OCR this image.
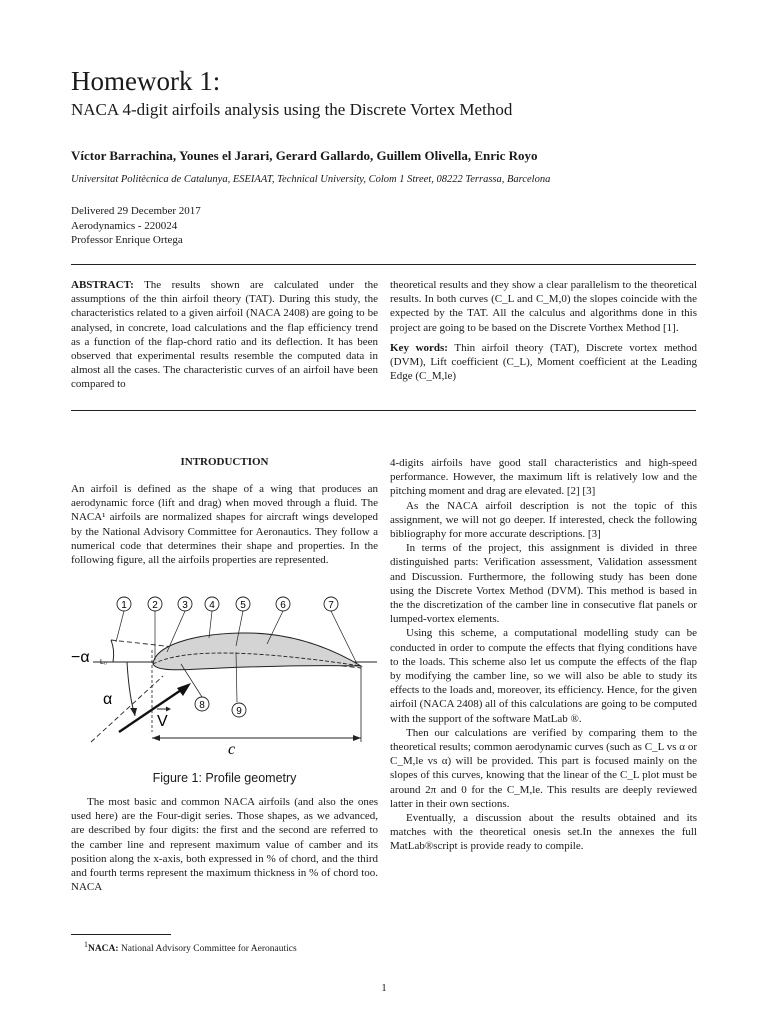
Homework 1:
NACA 4-digit airfoils analysis using the Discrete Vortex Method
Víctor Barrachina, Younes el Jarari, Gerard Gallardo, Guillem Olivella, Enric Royo
Universitat Politècnica de Catalunya, ESEIAAT, Technical University, Colom 1 Street, 08222 Terrassa, Barcelona
Delivered 29 December 2017
Aerodynamics - 220024
Professor Enrique Ortega
ABSTRACT: The results shown are calculated under the assumptions of the thin airfoil theory (TAT). During this study, the characteristics related to a given airfoil (NACA 2408) are going to be analysed, in concrete, load calculations and the flap efficiency trend as a function of the flap-chord ratio and its deflection. It has been observed that experimental results resemble the computed data in almost all the cases. The characteristic curves of an airfoil have been compared to
theoretical results and they show a clear parallelism to the theoretical results. In both curves (C_L and C_M,0) the slopes coincide with the expected by the TAT. All the calculus and algorithms done in this project are going to be based on the Discrete Vorthex Method [1].
Key words: Thin airfoil theory (TAT), Discrete vortex method (DVM), Lift coefficient (C_L), Moment coefficient at the Leading Edge (C_M,le)
INTRODUCTION
An airfoil is defined as the shape of a wing that produces an aerodynamic force (lift and drag) when moved through a fluid. The NACA¹ airfoils are normalized shapes for aircraft wings developed by the National Advisory Committee for Aeronautics. They follow a numerical code that determines their shape and properties. In the following figure, all the airfoils properties are represented.
1	2 3 4	5	6	7
8
9
−α L₀
α
V
c
Figure 1: Profile geometry

The most basic and common NACA airfoils (and also the ones used here) are the Four-digit series. Those shapes, as we advanced, are described by four digits: the first and the second are referred to the camber line and represent maximum value of camber and its position along the x-axis, both expressed in % of chord, and the third and fourth terms represent the maximum thickness in % of chord too. NACA

4-digits airfoils have good stall characteristics and high-speed performance. However, the maximum lift is relatively low and the pitching moment and drag are elevated. [2] [3]

As the NACA airfoil description is not the topic of this assignment, we will not go deeper. If interested, check the following bibliography for more accurate descriptions. [3]

In terms of the project, this assignment is divided in three distinguished parts: Verification assessment, Validation assessment and Discussion. Furthermore, the following study has been done using the Discrete Vortex Method (DVM). This method is based in the the discretization of the camber line in consecutive flat panels or lumped-vortex elements.

Using this scheme, a computational modelling study can be conducted in order to compute the effects that flying conditions have to the loads. This scheme also let us compute the effects of the flap by modifying the camber line, so we will also be able to study its effects to the loads and, moreover, its efficiency. Hence, for the given airfoil (NACA 2408) all of this calculations are going to be computed with the support of the software MatLab ®.

Then our calculations are verified by comparing them to the theoretical results; common aerodynamic curves (such as C_L vs α or C_M,le vs α) will be provided. This part is focused mainly on the slopes of this curves, knowing that the linear of the C_L plot must be around 2π and 0 for the C_M,le. This results are deeply reviewed latter in their own sections.

Eventually, a discussion about the results obtained and its matches with the theoretical onesis set.In the annexes the full MatLab®script is provide ready to compile.

$^1$NACA: National Advisory Committee for Aeronautics
1
